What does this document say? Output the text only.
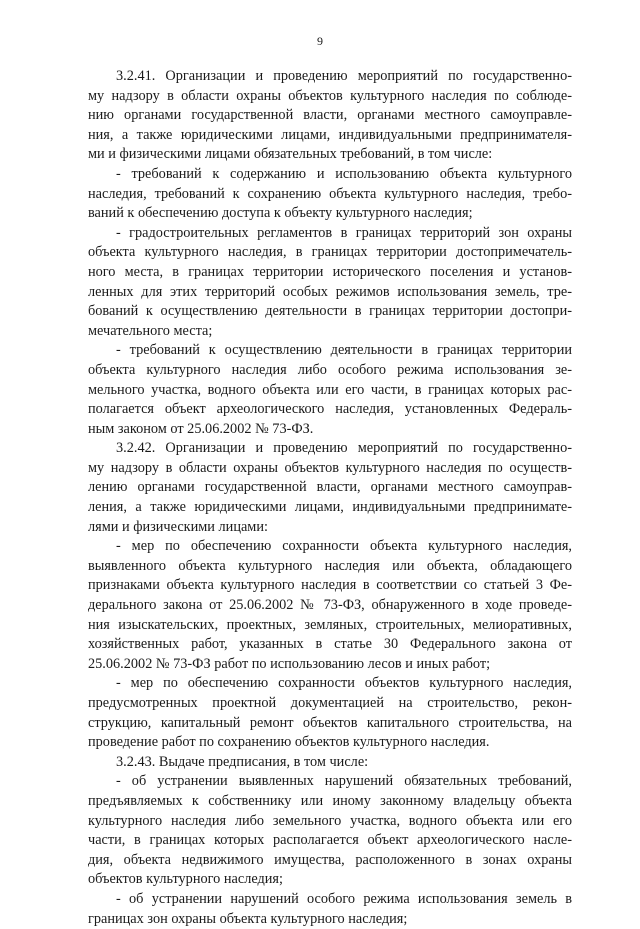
9
3.2.41. Организации и проведению мероприятий по государственно-
му надзору в области охраны объектов культурного наследия по соблюде-
нию органами государственной власти, органами местного самоуправле-
ния, а также юридическими лицами, индивидуальными предпринимателя-
ми и физическими лицами обязательных требований, в том числе:
- требований к содержанию и использованию объекта культурного
наследия, требований к сохранению объекта культурного наследия, требо-
ваний к обеспечению доступа к объекту культурного наследия;
- градостроительных регламентов в границах территорий зон охраны
объекта культурного наследия, в границах территории достопримечатель-
ного места, в границах территории исторического поселения и установ-
ленных для этих территорий особых режимов использования земель, тре-
бований к осуществлению деятельности в границах территории достопри-
мечательного места;
- требований к осуществлению деятельности в границах территории
объекта культурного наследия либо особого режима использования зе-
мельного участка, водного объекта или его части, в границах которых рас-
полагается объект археологического наследия, установленных Федераль-
ным законом от 25.06.2002 № 73-ФЗ.
3.2.42. Организации и проведению мероприятий по государственно-
му надзору в области охраны объектов культурного наследия по осуществ-
лению органами государственной власти, органами местного самоуправ-
ления, а также юридическими лицами, индивидуальными предпринимате-
лями и физическими лицами:
- мер по обеспечению сохранности объекта культурного наследия,
выявленного объекта культурного наследия или объекта, обладающего
признаками объекта культурного наследия в соответствии со статьей 3 Фе-
дерального закона от 25.06.2002 № 73-ФЗ, обнаруженного в ходе проведе-
ния изыскательских, проектных, земляных, строительных, мелиоративных,
хозяйственных работ, указанных в статье 30 Федерального закона от
25.06.2002 № 73-ФЗ работ по использованию лесов и иных работ;
- мер по обеспечению сохранности объектов культурного наследия,
предусмотренных проектной документацией на строительство, рекон-
струкцию, капитальный ремонт объектов капитального строительства, на
проведение работ по сохранению объектов культурного наследия.
3.2.43. Выдаче предписания, в том числе:
- об устранении выявленных нарушений обязательных требований,
предъявляемых к собственнику или иному законному владельцу объекта
культурного наследия либо земельного участка, водного объекта или его
части, в границах которых располагается объект археологического насле-
дия, объекта недвижимого имущества, расположенного в зонах охраны
объектов культурного наследия;
- об устранении нарушений особого режима использования земель в
границах зон охраны объекта культурного наследия;
